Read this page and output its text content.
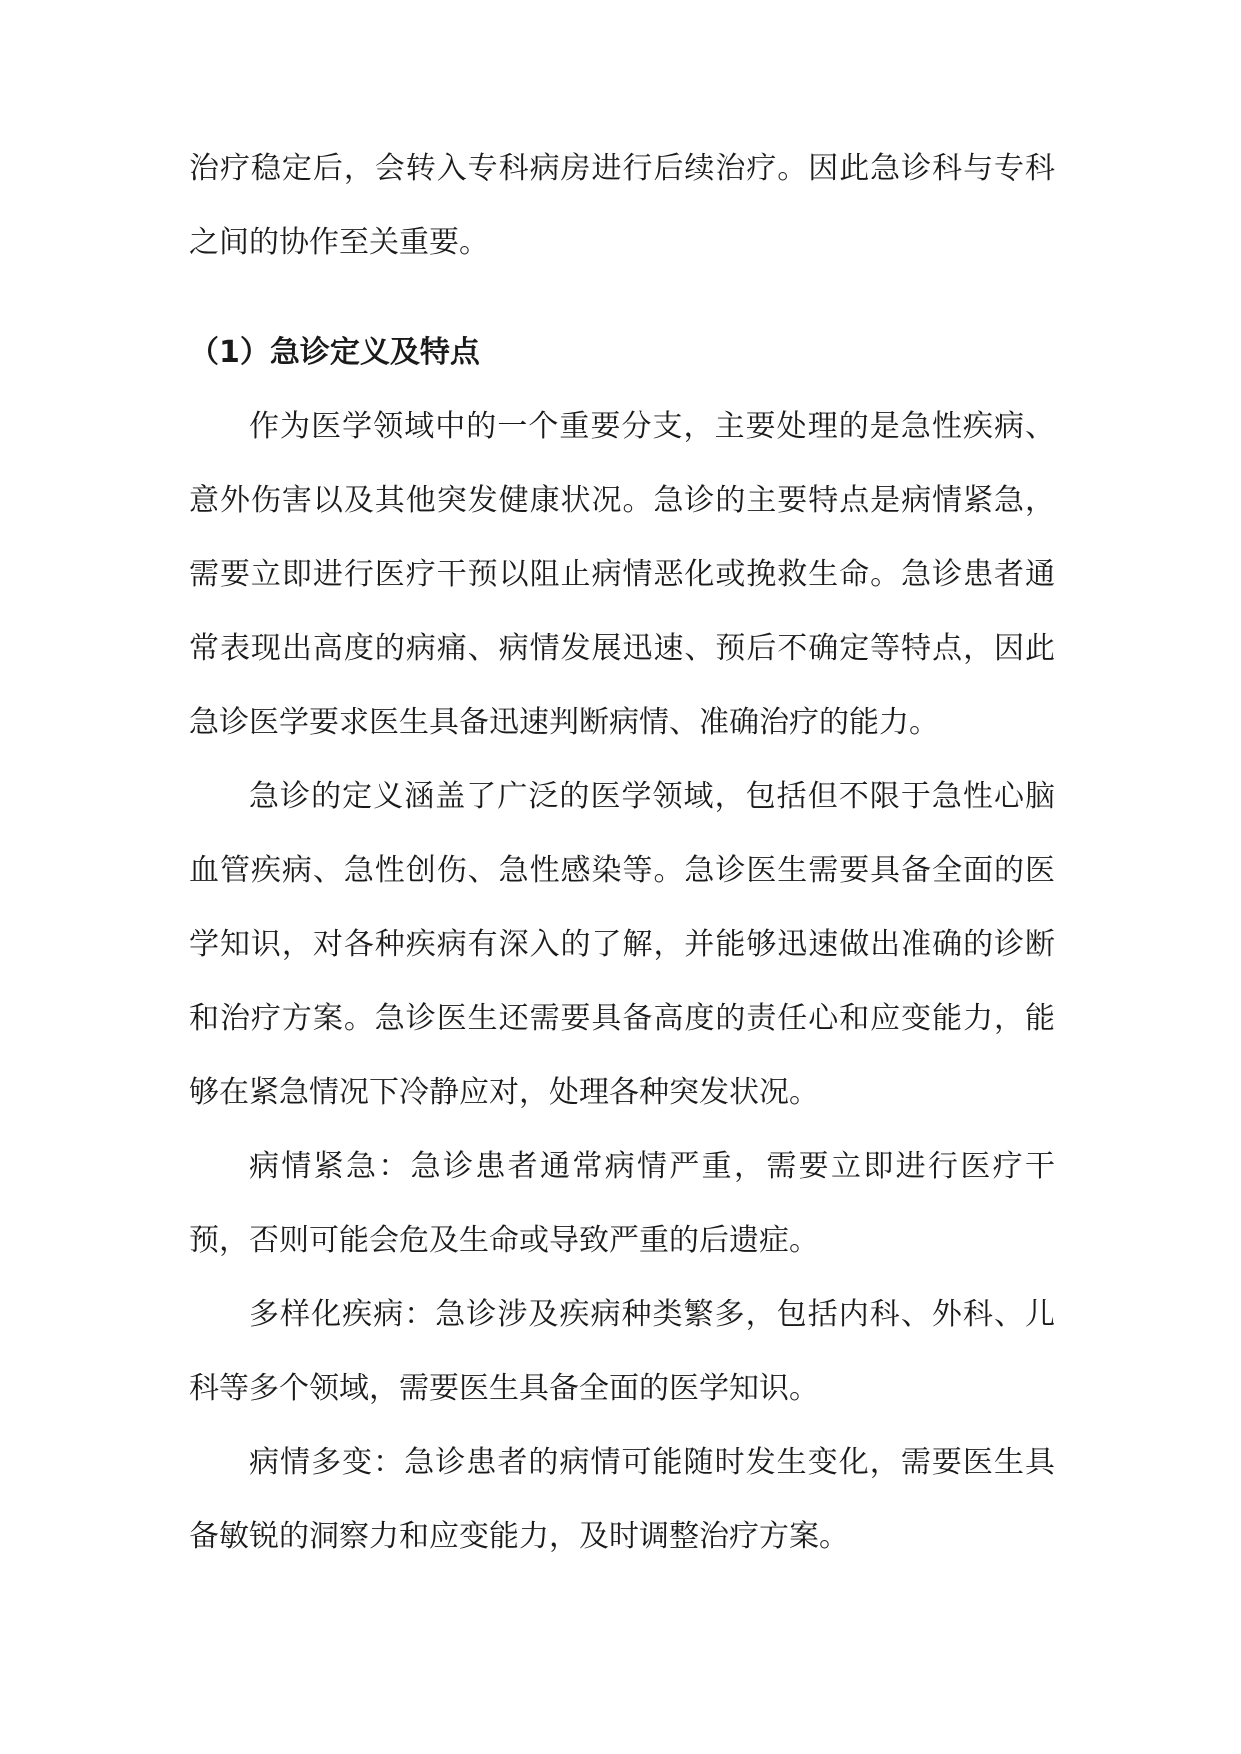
治疗稳定后，会转入专科病房进行后续治疗。因此急诊科与专科之间的协作至关重要。

（1）急诊定义及特点

作为医学领域中的一个重要分支，主要处理的是急性疾病、意外伤害以及其他突发健康状况。急诊的主要特点是病情紧急，需要立即进行医疗干预以阻止病情恶化或挽救生命。急诊患者通常表现出高度的病痛、病情发展迅速、预后不确定等特点，因此急诊医学要求医生具备迅速判断病情、准确治疗的能力。

急诊的定义涵盖了广泛的医学领域，包括但不限于急性心脑血管疾病、急性创伤、急性感染等。急诊医生需要具备全面的医学知识，对各种疾病有深入的了解，并能够迅速做出准确的诊断和治疗方案。急诊医生还需要具备高度的责任心和应变能力，能够在紧急情况下冷静应对，处理各种突发状况。

病情紧急：急诊患者通常病情严重，需要立即进行医疗干预，否则可能会危及生命或导致严重的后遗症。

多样化疾病：急诊涉及疾病种类繁多，包括内科、外科、儿科等多个领域，需要医生具备全面的医学知识。

病情多变：急诊患者的病情可能随时发生变化，需要医生具备敏锐的洞察力和应变能力，及时调整治疗方案。
